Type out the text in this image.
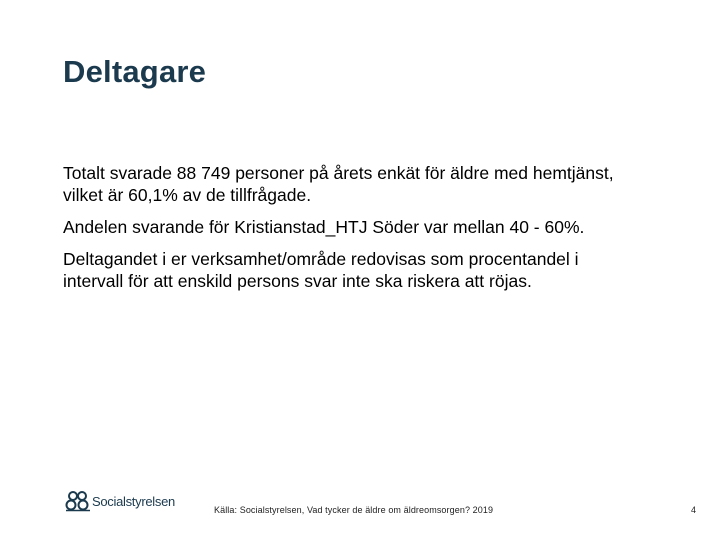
Deltagare

Totalt svarade 88 749 personer på årets enkät för äldre med hemtjänst, vilket är 60,1% av de tillfrågade.

Andelen svarande för Kristianstad_HTJ Söder var mellan 40 - 60%.

Deltagandet i er verksamhet/område redovisas som procentandel i intervall för att enskild persons svar inte ska riskera att röjas.

Socialstyrelsen
Källa: Socialstyrelsen, Vad tycker de äldre om äldreomsorgen? 2019	4
